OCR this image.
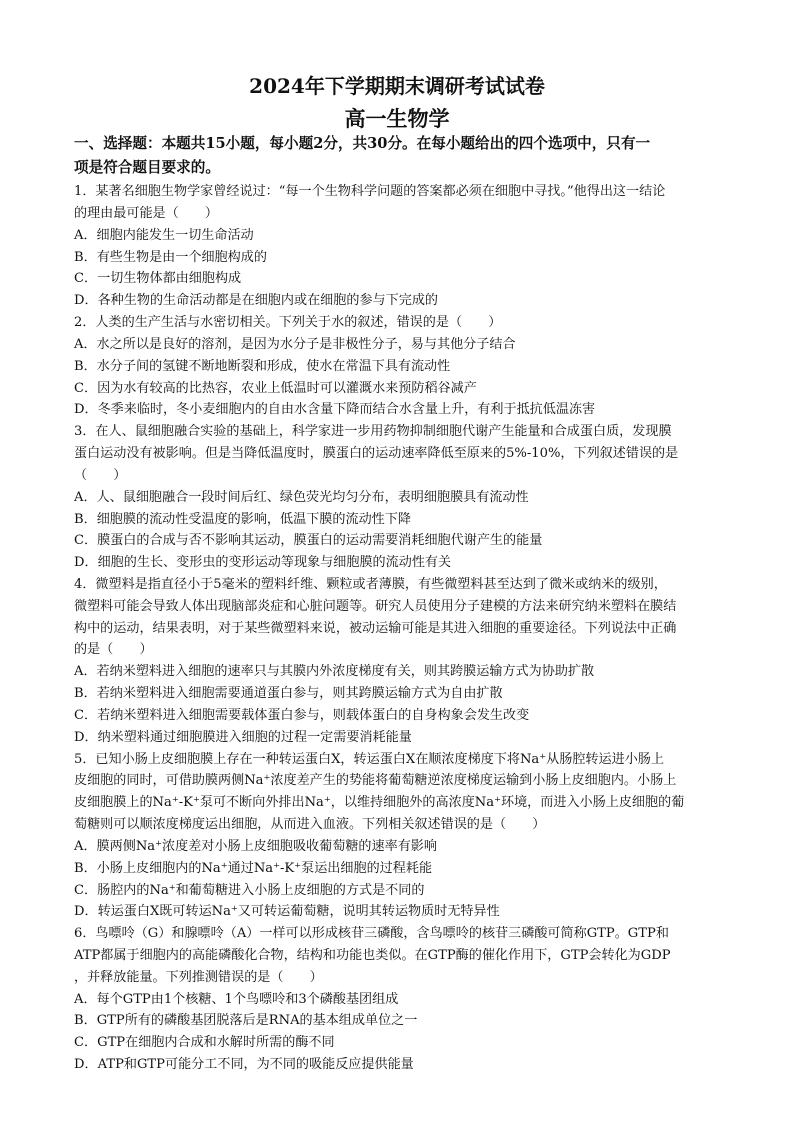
2024年下学期期末调研考试试卷
高一生物学
一、选择题：本题共15小题，每小题2分，共30分。在每小题给出的四个选项中，只有一
项是符合题目要求的。
1．某著名细胞生物学家曾经说过：“每一个生物科学问题的答案都必须在细胞中寻找。”他得出这一结论
的理由最可能是（　　）
A．细胞内能发生一切生命活动
B．有些生物是由一个细胞构成的
C．一切生物体都由细胞构成
D．各种生物的生命活动都是在细胞内或在细胞的参与下完成的
2．人类的生产生活与水密切相关。下列关于水的叙述，错误的是（　　）
A．水之所以是良好的溶剂，是因为水分子是非极性分子，易与其他分子结合
B．水分子间的氢键不断地断裂和形成，使水在常温下具有流动性
C．因为水有较高的比热容，农业上低温时可以灌溉水来预防稻谷减产
D．冬季来临时，冬小麦细胞内的自由水含量下降而结合水含量上升，有利于抵抗低温冻害
3．在人、鼠细胞融合实验的基础上，科学家进一步用药物抑制细胞代谢产生能量和合成蛋白质，发现膜
蛋白运动没有被影响。但是当降低温度时，膜蛋白的运动速率降低至原来的5%-10%，下列叙述错误的是
（　　）
A．人、鼠细胞融合一段时间后红、绿色荧光均匀分布，表明细胞膜具有流动性
B．细胞膜的流动性受温度的影响，低温下膜的流动性下降
C．膜蛋白的合成与否不影响其运动，膜蛋白的运动需要消耗细胞代谢产生的能量
D．细胞的生长、变形虫的变形运动等现象与细胞膜的流动性有关
4．微塑料是指直径小于5毫米的塑料纤维、颗粒或者薄膜，有些微塑料甚至达到了微米或纳米的级别，
微塑料可能会导致人体出现脑部炎症和心脏问题等。研究人员使用分子建模的方法来研究纳米塑料在膜结
构中的运动，结果表明，对于某些微塑料来说，被动运输可能是其进入细胞的重要途径。下列说法中正确
的是（　　）
A．若纳米塑料进入细胞的速率只与其膜内外浓度梯度有关，则其跨膜运输方式为协助扩散
B．若纳米塑料进入细胞需要通道蛋白参与，则其跨膜运输方式为自由扩散
C．若纳米塑料进入细胞需要载体蛋白参与，则载体蛋白的自身构象会发生改变
D．纳米塑料通过细胞膜进入细胞的过程一定需要消耗能量
5．已知小肠上皮细胞膜上存在一种转运蛋白X，转运蛋白X在顺浓度梯度下将Na⁺从肠腔转运进小肠上
皮细胞的同时，可借助膜两侧Na⁺浓度差产生的势能将葡萄糖逆浓度梯度运输到小肠上皮细胞内。小肠上
皮细胞膜上的Na⁺-K⁺泵可不断向外排出Na⁺，以维持细胞外的高浓度Na⁺环境，而进入小肠上皮细胞的葡
萄糖则可以顺浓度梯度运出细胞，从而进入血液。下列相关叙述错误的是（　　）
A．膜两侧Na⁺浓度差对小肠上皮细胞吸收葡萄糖的速率有影响
B．小肠上皮细胞内的Na⁺通过Na⁺-K⁺泵运出细胞的过程耗能
C．肠腔内的Na⁺和葡萄糖进入小肠上皮细胞的方式是不同的
D．转运蛋白X既可转运Na⁺又可转运葡萄糖，说明其转运物质时无特异性
6．鸟嘌呤（G）和腺嘌呤（A）一样可以形成核苷三磷酸，含鸟嘌呤的核苷三磷酸可简称GTP。GTP和
ATP都属于细胞内的高能磷酸化合物，结构和功能也类似。在GTP酶的催化作用下，GTP会转化为GDP
，并释放能量。下列推测错误的是（　　）
A．每个GTP由1个核糖、1个鸟嘌呤和3个磷酸基团组成
B．GTP所有的磷酸基团脱落后是RNA的基本组成单位之一
C．GTP在细胞内合成和水解时所需的酶不同
D．ATP和GTP可能分工不同，为不同的吸能反应提供能量
